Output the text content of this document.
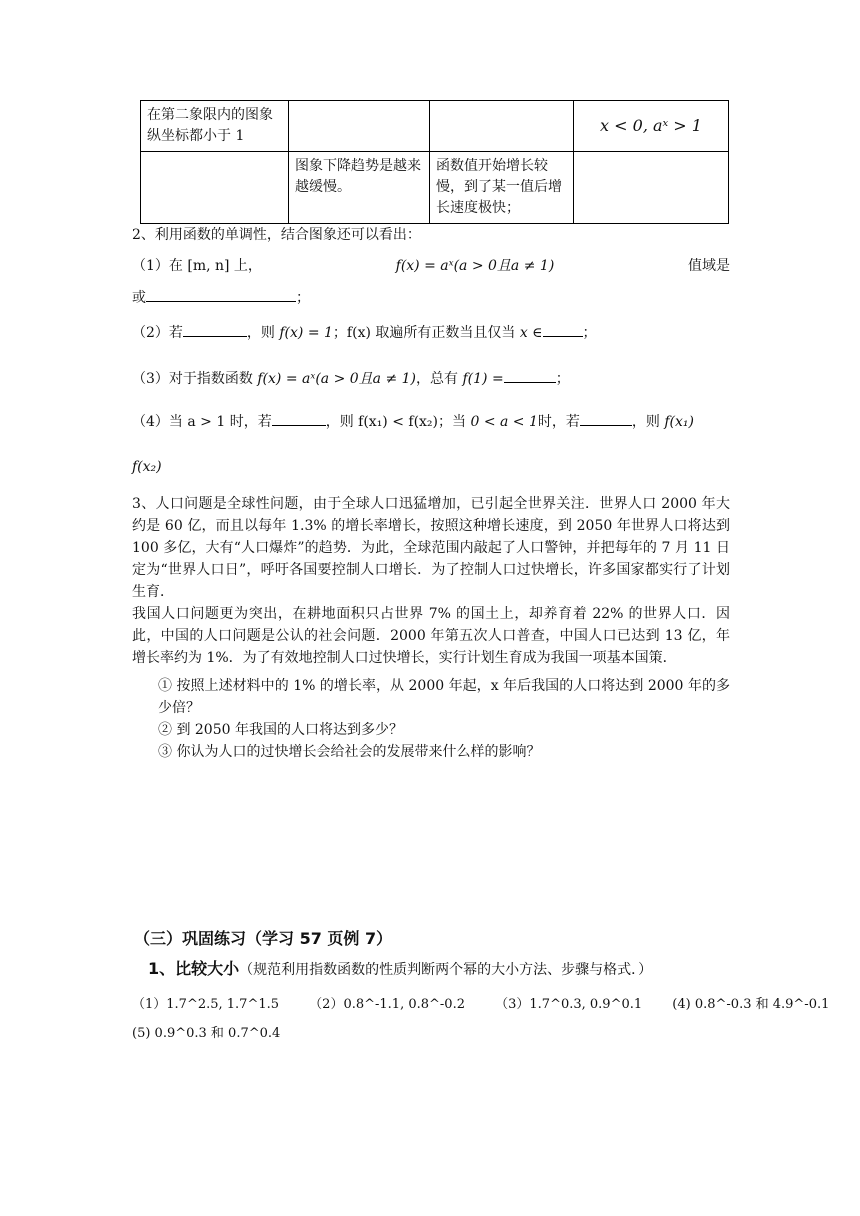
在第二象限内的图象纵坐标都小于 1			x < 0, aˣ > 1

	图象下降趋势是越来越缓慢。	函数值开始增长较慢，到了某一值后增长速度极快；	
2、利用函数的单调性，结合图象还可以看出：
（1）在 [m, n] 上，	f(x) = aˣ(a > 0且a ≠ 1)	值域是
或	；
（2）若	，则 f(x) = 1；f(x) 取遍所有正数当且仅当 x ∈	；
（3）对于指数函数 f(x) = aˣ(a > 0且a ≠ 1)，总有 f(1) =	；
（4）当 a > 1 时，若	，则 f(x₁) < f(x₂)；当 0 < a < 1时，若	，则 f(x₁)
f(x₂)
3、人口问题是全球性问题，由于全球人口迅猛增加，已引起全世界关注．世界人口 2000 年大约是 60 亿，而且以每年 1.3% 的增长率增长，按照这种增长速度，到 2050 年世界人口将达到 100 多亿，大有“人口爆炸”的趋势．为此，全球范围内敲起了人口警钟，并把每年的 7 月 11 日定为“世界人口日”，呼吁各国要控制人口增长．为了控制人口过快增长，许多国家都实行了计划生育．
我国人口问题更为突出，在耕地面积只占世界 7% 的国土上，却养育着 22% 的世界人口．因此，中国的人口问题是公认的社会问题．2000 年第五次人口普查，中国人口已达到 13 亿，年增长率约为 1%．为了有效地控制人口过快增长，实行计划生育成为我国一项基本国策．
① 按照上述材料中的 1% 的增长率，从 2000 年起，x 年后我国的人口将达到 2000 年的多少倍？
② 到 2050 年我国的人口将达到多少？
③ 你认为人口的过快增长会给社会的发展带来什么样的影响？
（三）巩固练习（学习 57 页例 7）
1、比较大小（规范利用指数函数的性质判断两个幂的大小方法、步骤与格式．）
（1）1.7^2.5, 1.7^1.5 （2）0.8^-1.1, 0.8^-0.2 （3）1.7^0.3, 0.9^0.1 (4) 0.8^-0.3 和 4.9^-0.1
(5) 0.9^0.3 和 0.7^0.4
